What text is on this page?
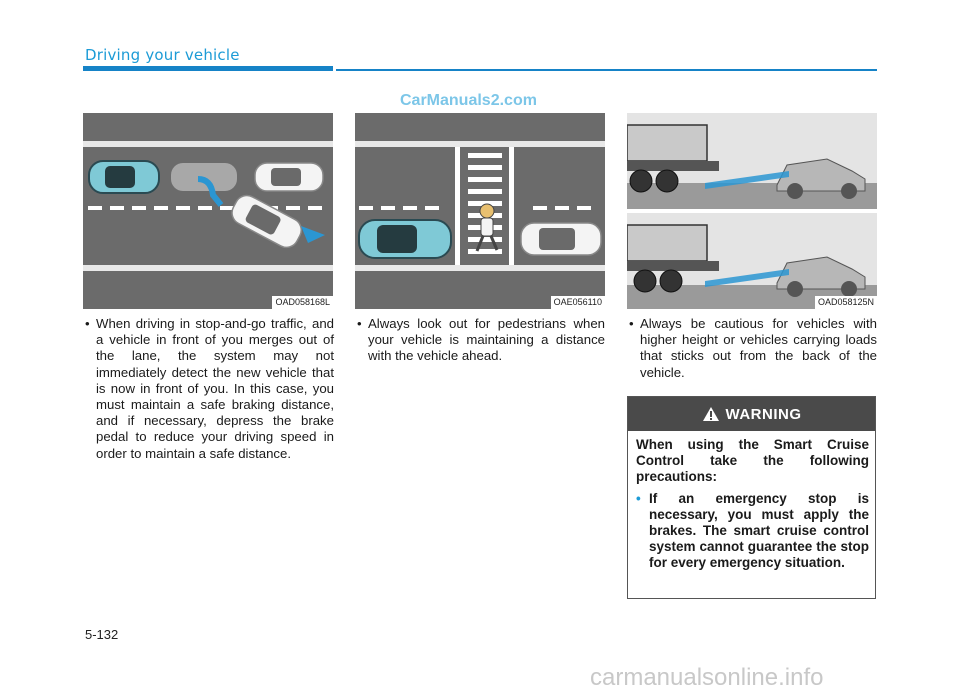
Driving your vehicle
CarManuals2.com
OAD058168L	OAE056110	OAD058125N
• When driving in stop-and-go traffic, and a vehicle in front of you merges out of the lane, the system may not immediately detect the new vehicle that is now in front of you. In this case, you must maintain a safe braking distance, and if necessary, depress the brake pedal to reduce your driving speed in order to maintain a safe distance.
• Always look out for pedestrians when your vehicle is maintaining a distance with the vehicle ahead.
• Always be cautious for vehicles with higher height or vehicles carrying loads that sticks out from the back of the vehicle.
WARNING
When using the Smart Cruise Control take the following precautions:
• If an emergency stop is necessary, you must apply the brakes. The smart cruise control system cannot guarantee the stop for every emergency situation.
5-132
carmanualsonline.info
